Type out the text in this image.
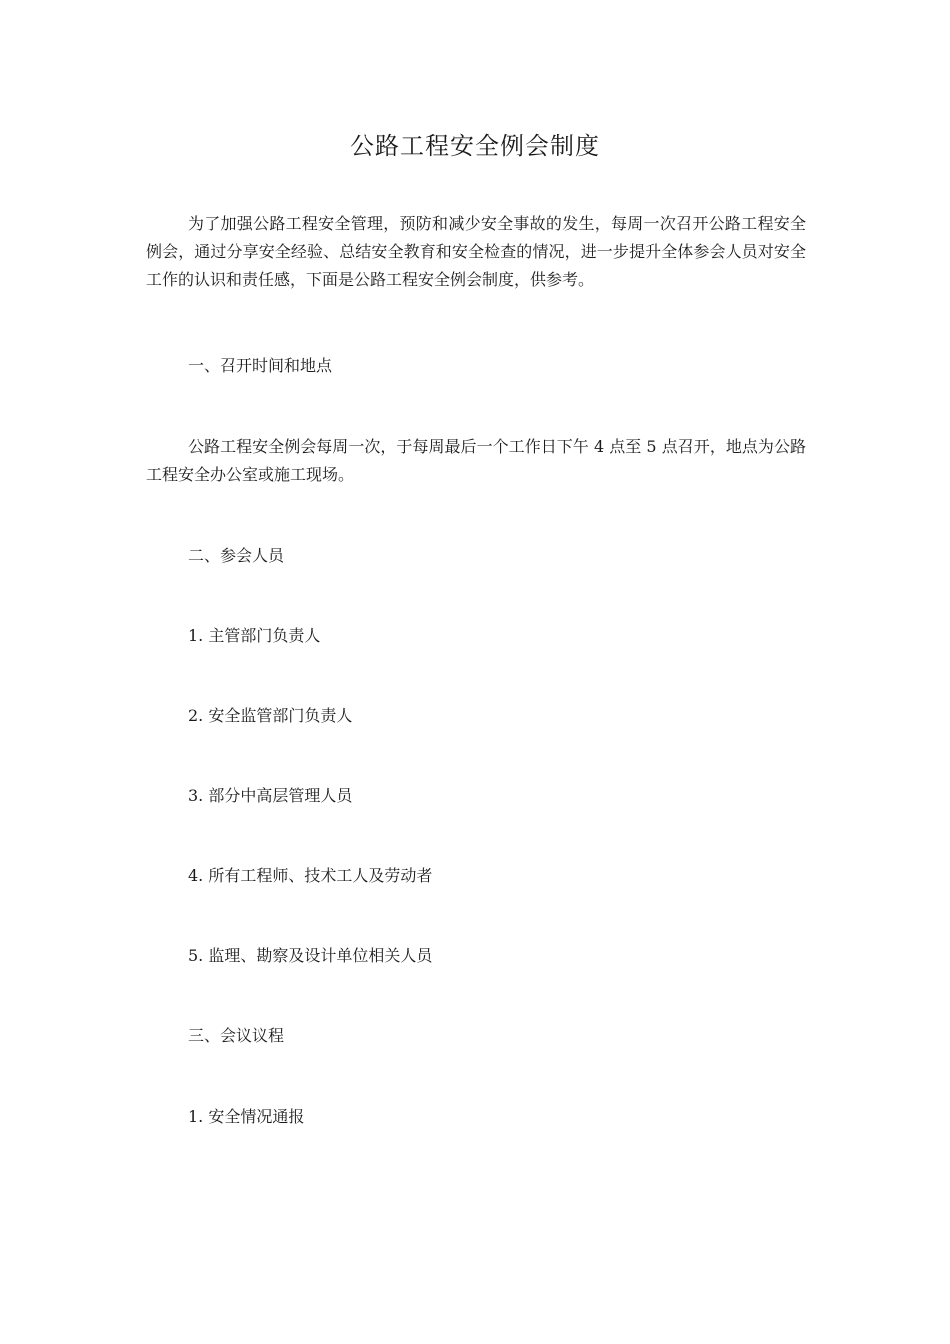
公路工程安全例会制度

为了加强公路工程安全管理，预防和减少安全事故的发生，每周一次召开公路工程安全例会，通过分享安全经验、总结安全教育和安全检查的情况，进一步提升全体参会人员对安全工作的认识和责任感，下面是公路工程安全例会制度，供参考。

一、召开时间和地点

公路工程安全例会每周一次，于每周最后一个工作日下午 4 点至 5 点召开，地点为公路工程安全办公室或施工现场。

二、参会人员

1. 主管部门负责人

2. 安全监管部门负责人

3. 部分中高层管理人员

4. 所有工程师、技术工人及劳动者

5. 监理、勘察及设计单位相关人员

三、会议议程

1. 安全情况通报
